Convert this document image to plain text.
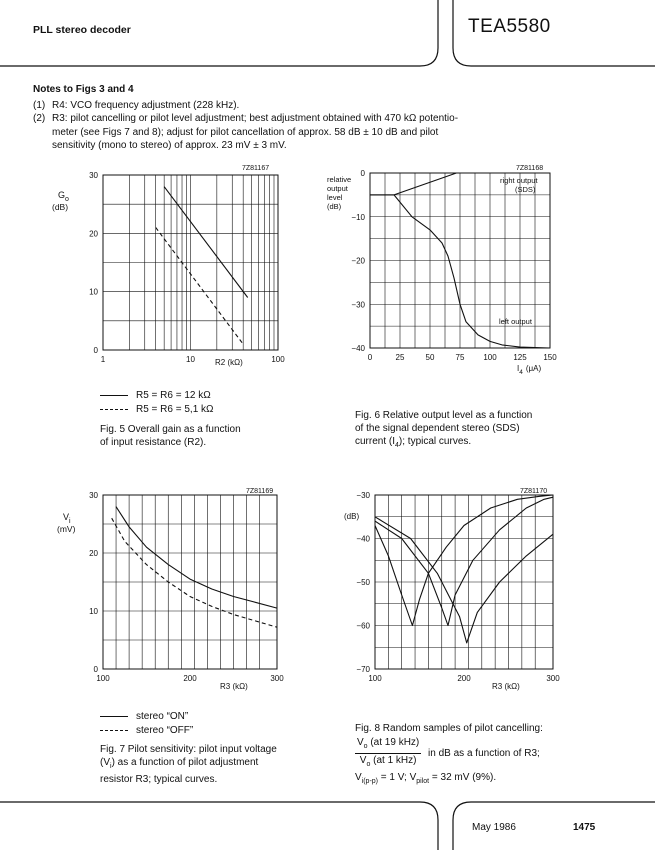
PLL stereo decoder	TEA5580
Notes to Figs 3 and 4
(1) R4: VCO frequency adjustment (228 kHz).
(2) R3: pilot cancelling or pilot level adjustment; best adjustment obtained with 470 kΩ potentio-
meter (see Figs 7 and 8); adjust for pilot cancellation of approx. 58 dB ± 10 dB and pilot
sensitivity (mono to stereo) of approx. 23 mV ± 3 mV.
$G_o$
(dB)
7Z81167
R2 (kΩ)
0
10
20
30
1	10	100
R5 = R6 = 12 kΩ
R5 = R6 = 5,1 kΩ
Fig. 5 Overall gain as a function
of input resistance (R2).
relative
output
level
(dB)
7Z81168
right output
(SDS)
left output
$I_4$ (μA)
0
−10
−20
−30
−40
0	25	50	75 100 125 150
Fig. 6 Relative output level as a function
of the signal dependent stereo (SDS)
current $(I_4)$; typical curves.
$V_i$
(mV)
7Z81169
R3 (kΩ)
0
10
20
30
100	200	300
stereo “ON”
stereo “OFF”
Fig. 7 Pilot sensitivity: pilot input voltage
$(V_i)$ as a function of pilot adjustment
resistor R3; typical curves.
(dB)
7Z81170
R3 (kΩ)
−30
−40
−50
−60
−70
100	200	300
Fig. 8 Random samples of pilot cancelling:
$\frac{V_o (at 19 kHz)}{V_o (at 1 kHz)}$ in dB as a function of R3;
$V_{i(p-p)} = 1$ V; $V_{pilot} = 32$ mV (9%).
May 1986	1475
